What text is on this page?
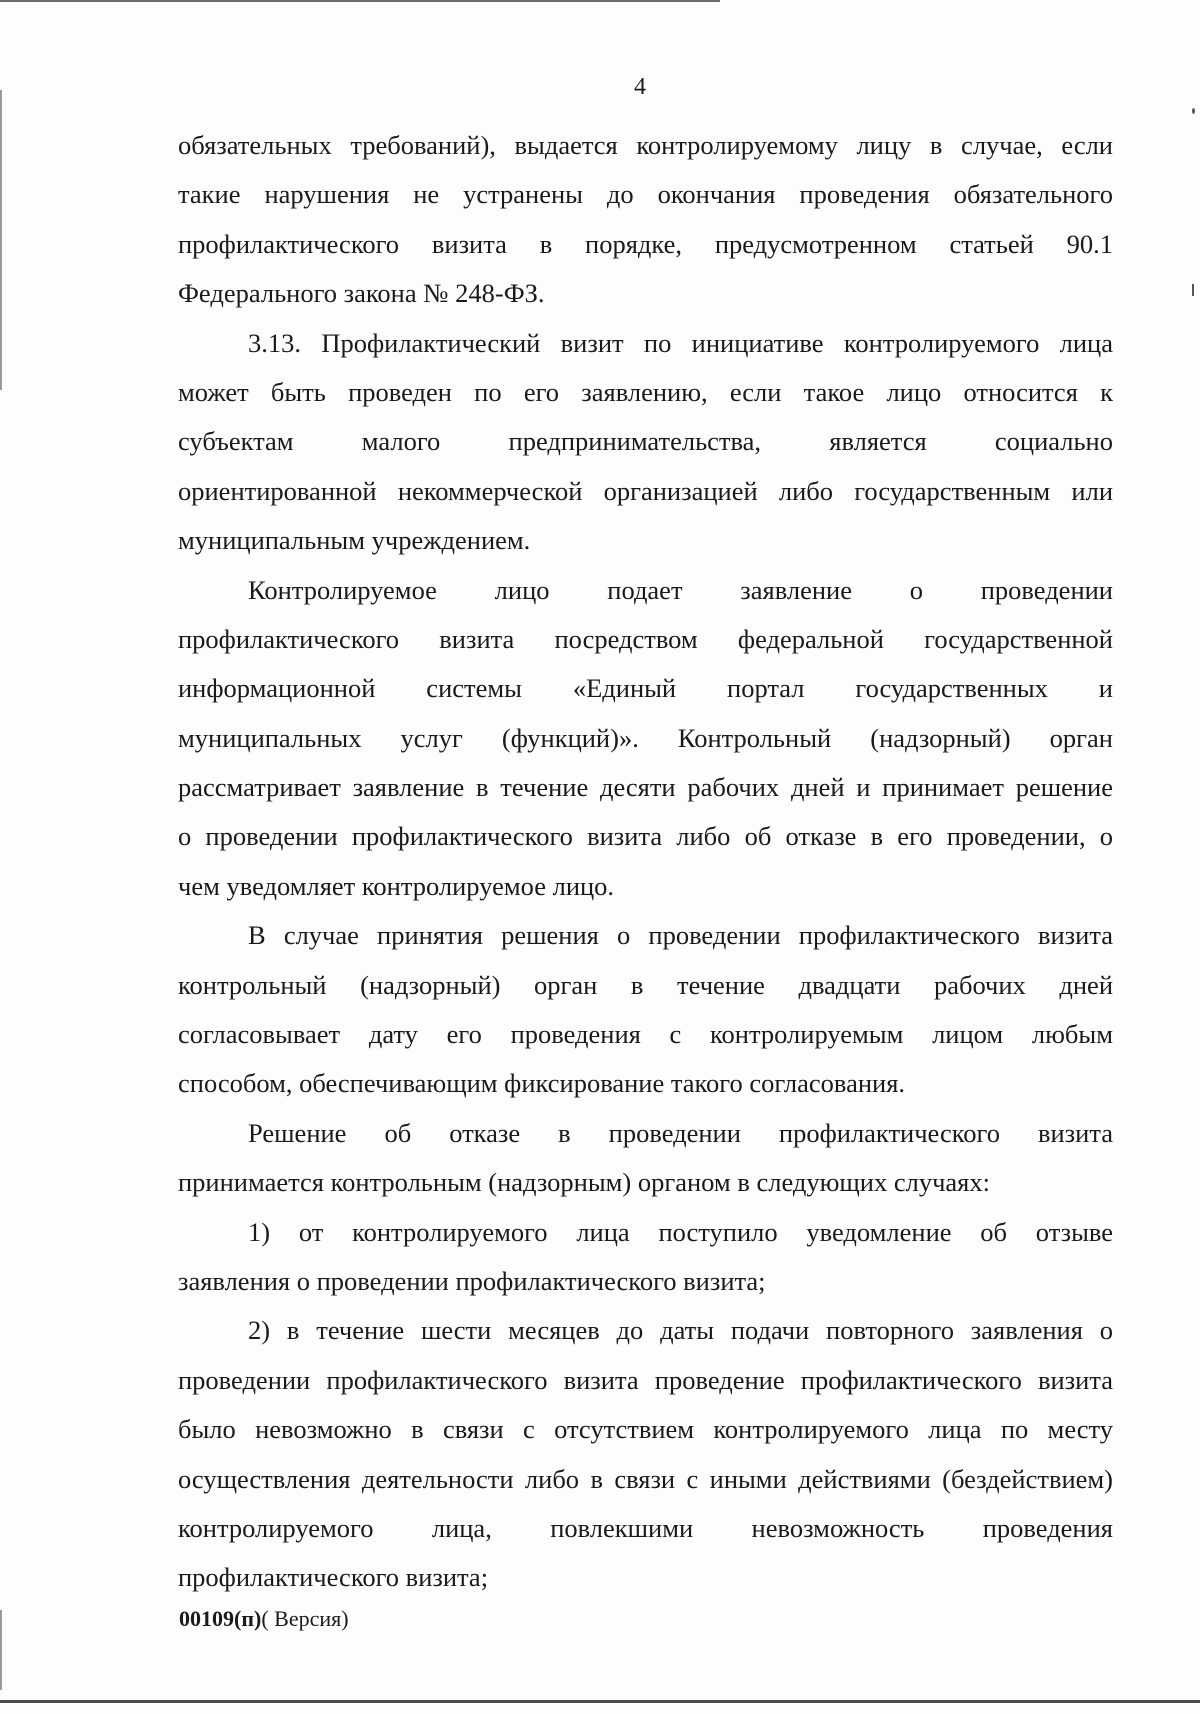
4
обязательных требований), выдается контролируемому лицу в случае, если
такие нарушения не устранены до окончания проведения обязательного
профилактического визита в порядке, предусмотренном статьей 90.1
Федерального закона № 248-ФЗ.
3.13. Профилактический визит по инициативе контролируемого лица
может быть проведен по его заявлению, если такое лицо относится к
субъектам малого предпринимательства, является социально
ориентированной некоммерческой организацией либо государственным или
муниципальным учреждением.
Контролируемое лицо подает заявление о проведении
профилактического визита посредством федеральной государственной
информационной системы «Единый портал государственных и
муниципальных услуг (функций)». Контрольный (надзорный) орган
рассматривает заявление в течение десяти рабочих дней и принимает решение
о проведении профилактического визита либо об отказе в его проведении, о
чем уведомляет контролируемое лицо.
В случае принятия решения о проведении профилактического визита
контрольный (надзорный) орган в течение двадцати рабочих дней
согласовывает дату его проведения с контролируемым лицом любым
способом, обеспечивающим фиксирование такого согласования.
Решение об отказе в проведении профилактического визита
принимается контрольным (надзорным) органом в следующих случаях:
1) от контролируемого лица поступило уведомление об отзыве
заявления о проведении профилактического визита;
2) в течение шести месяцев до даты подачи повторного заявления о
проведении профилактического визита проведение профилактического визита
было невозможно в связи с отсутствием контролируемого лица по месту
осуществления деятельности либо в связи с иными действиями (бездействием)
контролируемого лица, повлекшими невозможность проведения
профилактического визита;
00109(п)( Версия)
